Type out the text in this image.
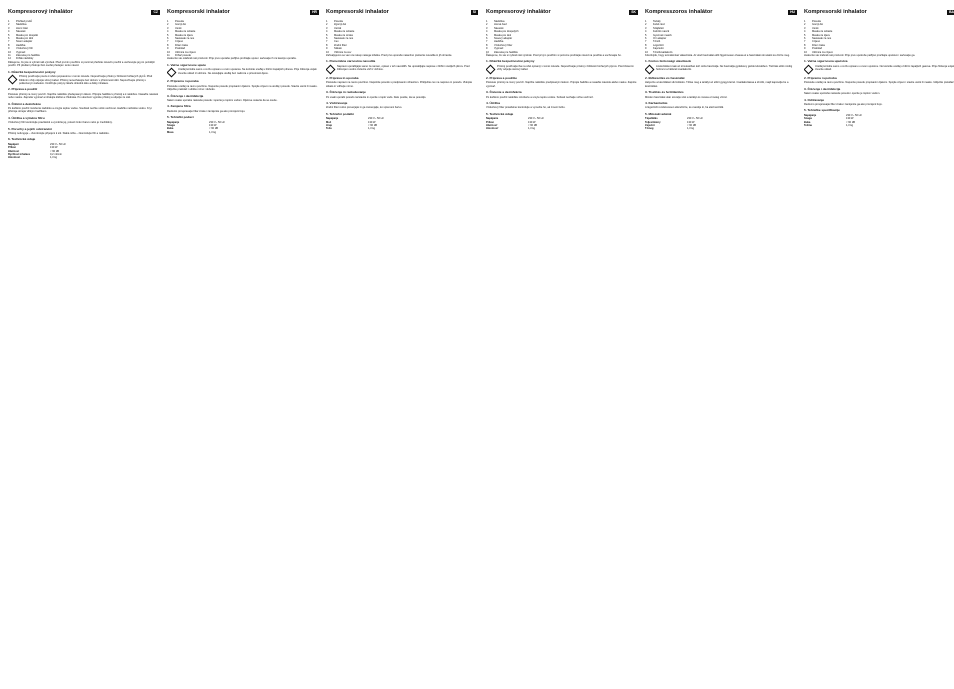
Kompresorový inhalátor	CZ
1	Přehled prvků
2	Nádobka
3	Horní část
4	Náustek
5	Maska pro dospělé
6	Maska pro děti
7	Nosní adaptér
8	Hadička
9	Vzduchový filtr
10	Vypínač
11	Zásuvka pro hadičku
12	Držák nádobky

Děkujeme, že jste si vybrali náš výrobek. Před prvním použitím si pozorně přečtěte návod k použití a uschovejte jej pro pozdější použití. Při předání přístroje třetí osobě předejte i tento návod.

1. Důležité bezpečnostní pokyny
Přístroj používejte pouze k účelu popsanému v tomto návodu. Nepoužívejte přístroj v blízkosti hořlavých plynů. Před čištěním vždy odpojte síťový kabel. Přístroj nenechávejte bez dozoru v přítomnosti dětí. Nepoužívejte přístroj s poškozeným kabelem. Dodržujte pokyny lékaře ohledně léku a délky inhalace.
2. Příprava a použití

Postavte přístroj na rovný povrch. Naplňte nádobku předepsaným lékem. Připojte hadičku k přístroji a k nádobce. Nasaďte náustek nebo masku. Zapněte vypínač a inhalujte klidně a zhluboka. Po ukončení vypněte přístroj a odpojte ze sítě.

3. Čištění a dezinfekce

Po každém použití rozeberte nádobku a omyjte teplou vodou. Součásti nechte volně uschnout. Hadičku nečistěte vodou. Kryt přístroje otírejte vlhkým hadříkem.

4. Údržba a výměna filtru

Vzduchový filtr kontrolujte pravidelně a vyměňte jej, pokud změní barvu nebo je znečištěný.

5. Poruchy a jejich odstranění

Přístroj nefunguje – zkontrolujte připojení k síti. Slabá mlha – zkontrolujte filtr a nádobku.

6. Technické údaje
Napájení	230 V~ 50 Hz
Příkon	130 W
Hlučnost	< 60 dB
Rychlost inhalace	0,2 ml/min
Hmotnost	1,3 kg
Kompresorski inhalator	HR
1	Posuda
2	Gornji dio
3	Usnik
4	Maska za odrasle
5	Maska za djecu
6	Nastavak za nos
7	Crijevo
8	Filtar zraka
9	Prekidač
10	Utičnica za crijevo
11	Držač posude

Hvala što ste odabrali naš proizvod. Prije prve uporabe pažljivo pročitajte upute i sačuvajte ih za kasniju uporabu.

1. Važne sigurnosne upute
Uređaj koristite samo u svrhu opisanu u ovim uputama. Ne koristite uređaj u blizini zapaljivih plinova. Prije čišćenja uvijek izvucite utikač iz utičnice. Ne ostavljajte uređaj bez nadzora u prisutnosti djece.
2. Priprema i uporaba

Postavite uređaj na ravnu površinu. Napunite posudu propisanim lijekom. Spojite crijevo na uređaj i posudu. Stavite usnik ili masku. Uključite prekidač i udišite mirno i duboko.

3. Čišćenje i dezinfekcija

Nakon svake uporabe rastavite posudu i operite je toplom vodom. Dijelove ostavite da se osuše.

4. Zamjena filtra

Redovito provjeravajte filtar zraka i zamijenite ga ako promijeni boju.

5. Tehnički podaci
Napajanje	230 V~ 50 Hz
Snaga	130 W
Buka	< 60 dB
Masa	1,3 kg
Kompresorski inhalator	SI
1	Posoda
2	Zgornji del
3	Ustnik
4	Maska za odrasle
5	Maska za otroke
6	Nastavek za nos
7	Cev
8	Zračni filter
9	Stikalo
10	Vtičnica za cev

Zahvaljujemo se vam za nakup našega izdelka. Pred prvo uporabo natančno preberite navodila in jih shranite.

1. Pomembna varnostna navodila
Napravo uporabljajte samo za namen, opisan v teh navodilih. Ne uporabljajte naprave v bližini vnetljivih plinov. Pred čiščenjem vedno izvlecite vtič iz vtičnice.
2. Priprava in uporaba

Postavite napravo na ravno površino. Napolnite posodo s predpisanim zdravilom. Priključite cev na napravo in posodo. Vklopite stikalo in vdihujte mirno.

3. Čiščenje in razkuževanje

Po vsaki uporabi posodo razstavite in operite s toplo vodo. Dele pustite, da se posušijo.

4. Vzdrževanje

Zračni filter redno preverjajte in ga zamenjajte, ko spremeni barvo.

5. Tehnični podatki
Napajanje	230 V~ 50 Hz
Moč	130 W
Hrup	< 60 dB
Teža	1,3 kg
Kompresorový inhalátor	SK
1	Nádobka
2	Horná časť
3	Náustok
4	Maska pre dospelých
5	Maska pre deti
6	Nosový adaptér
7	Hadička
8	Vzduchový filter
9	Vypínač
10	Zásuvka pre hadičku

Ďakujeme, že ste si vybrali náš výrobok. Pred prvým použitím si pozorne prečítajte návod na použitie a uschovajte ho.

1. Dôležité bezpečnostné pokyny
Prístroj používajte iba na účel opísaný v tomto návode. Nepoužívajte prístroj v blízkosti horľavých plynov. Pred čistením vždy odpojte sieťový kábel.
2. Príprava a použitie

Postavte prístroj na rovný povrch. Naplňte nádobku predpísaným liekom. Pripojte hadičku a nasaďte náustok alebo masku. Zapnite vypínač.

3. Čistenie a dezinfekcia

Po každom použití nádobku rozoberte a umyte teplou vodou. Súčasti nechajte voľne uschnúť.

4. Údržba

Vzduchový filter pravidelne kontrolujte a vymeňte ho, ak zmení farbu.

5. Technické údaje
Napájanie	230 V~ 50 Hz
Príkon	130 W
Hlučnosť	< 60 dB
Hmotnosť	1,3 kg
Kompresszoros inhalátor	HU
1	Tartály
2	Felső rész
3	Szájfeltét
4	Felnőtt maszk
5	Gyermek maszk
6	Orr adapter
7	Tömlő
8	Légszűrő
9	Kapcsoló
10	Tömlőcsatlakozó

Köszönjük, hogy termékünket választotta. Az első használat előtt figyelmesen olvassa el a használati útmutatót és őrizze meg.

1. Fontos biztonsági utasítások
A készüléket csak az útmutatóban leírt célra használja. Ne használja gyúlékony gázok közelében. Tisztítás előtt mindig húzza ki a hálózati csatlakozót.
2. Előkészítés és használat

Helyezze a készüléket sík felületre. Töltse meg a tartályt az előírt gyógyszerrel. Csatlakoztassa a tömlőt, majd kapcsolja be a készüléket.

3. Tisztítás és fertőtlenítés

Minden használat után szerelje szét a tartályt és mossa el meleg vízzel.

4. Karbantartás

A légszűrőt rendszeresen ellenőrizze, és cserélje ki, ha elszíneződik.

5. Műszaki adatok
Tápellátás	230 V~ 50 Hz
Teljesítmény	130 W
Zajszint	< 60 dB
Tömeg	1,3 kg
Kompresorski inhalator	BA
1	Posuda
2	Gornji dio
3	Usnik
4	Maska za odrasle
5	Maska za djecu
6	Nastavak za nos
7	Crijevo
8	Filter zraka
9	Prekidač
10	Utičnica za crijevo

Hvala što ste izabrali naš proizvod. Prije prve upotrebe pažljivo pročitajte uputstvo i sačuvajte ga.

1. Važna sigurnosna uputstva
Uređaj koristite samo u svrhu opisanu u ovom uputstvu. Ne koristite uređaj u blizini zapaljivih gasova. Prije čišćenja uvijek izvucite utikač.
2. Priprema i upotreba

Postavite uređaj na ravnu površinu. Napunite posudu propisanim lijekom. Spojite crijevo i stavite usnik ili masku. Uključite prekidač.

3. Čišćenje i dezinfekcija

Nakon svake upotrebe rastavite posudu i operite je toplom vodom.

4. Održavanje

Redovno provjeravajte filter zraka i zamijenite ga ako promijeni boju.

5. Tehničke specifikacije
Napajanje	230 V~ 50 Hz
Snaga	130 W
Buka	< 60 dB
Težina	1,3 kg
